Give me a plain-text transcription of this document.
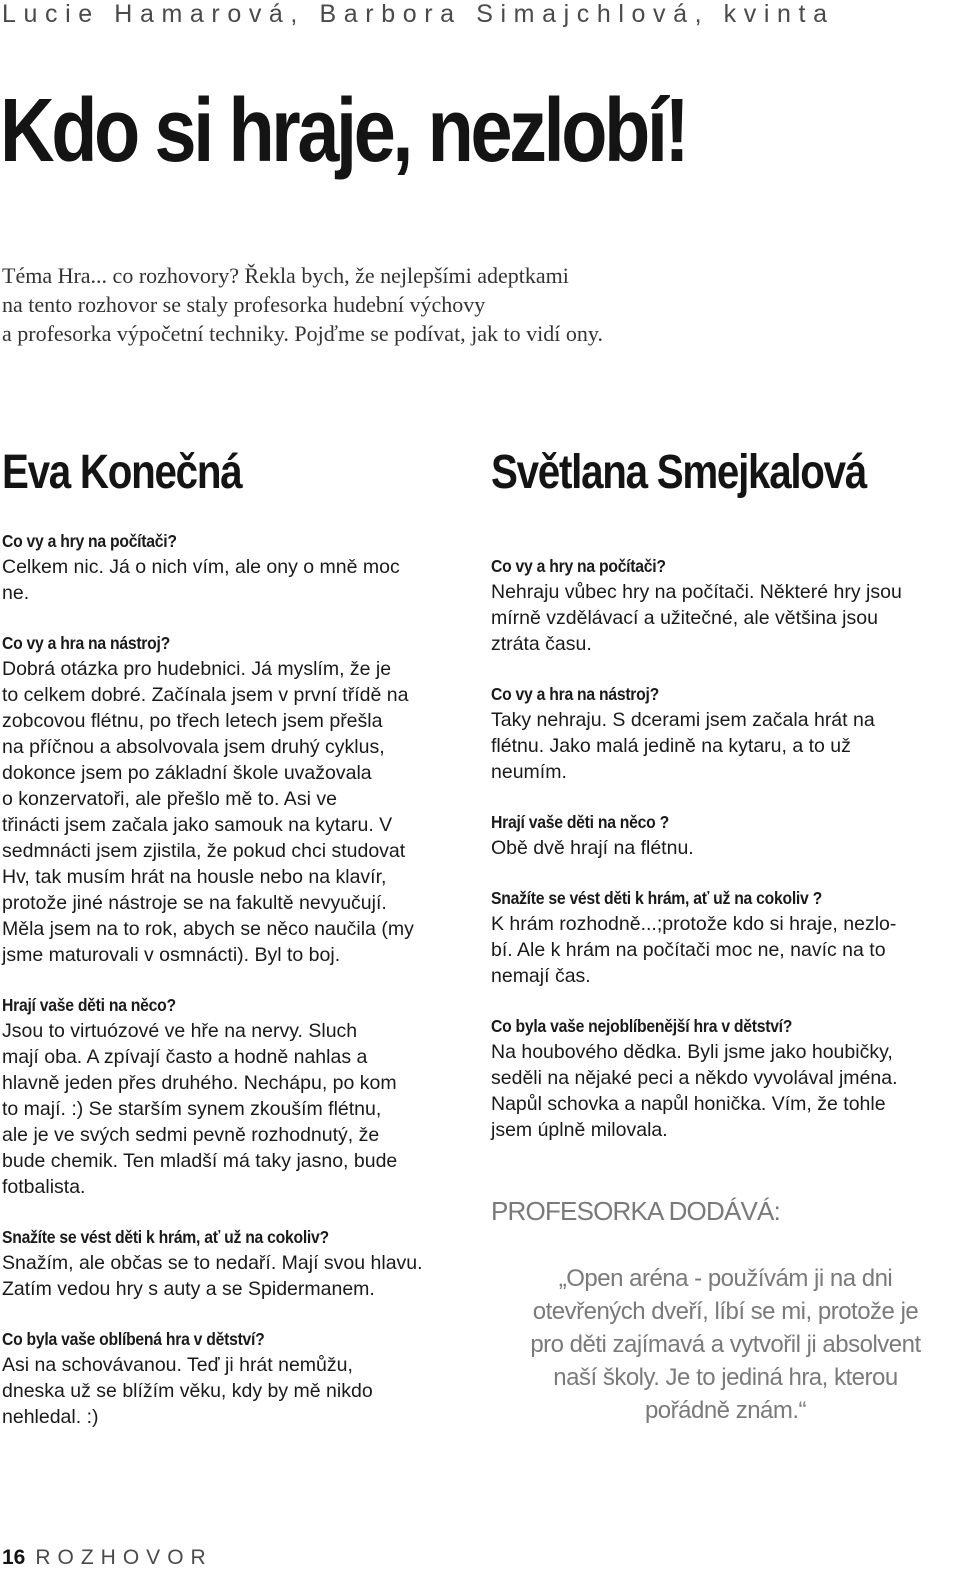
Lucie Hamarová, Barbora Simajchlová, kvinta
Kdo si hraje, nezlobí!
Téma Hra... co rozhovory? Řekla bych, že nejlepšími adeptkami
na tento rozhovor se staly profesorka hudební výchovy
a profesorka výpočetní techniky. Pojďme se podívat, jak to vidí ony.
Eva Konečná	Světlana Smejkalová
Co vy a hry na počítači?
Celkem nic. Já o nich vím, ale ony o mně moc
ne.
Co vy a hra na nástroj?
Dobrá otázka pro hudebnici. Já myslím, že je
to celkem dobré. Začínala jsem v první třídě na
zobcovou flétnu, po třech letech jsem přešla
na příčnou a absolvovala jsem druhý cyklus,
dokonce jsem po základní škole uvažovala
o konzervatoři, ale přešlo mě to. Asi ve
třinácti jsem začala jako samouk na kytaru. V
sedmnácti jsem zjistila, že pokud chci studovat
Hv, tak musím hrát na housle nebo na klavír,
protože jiné nástroje se na fakultě nevyučují.
Měla jsem na to rok, abych se něco naučila (my
jsme maturovali v osmnácti). Byl to boj.
Hrají vaše děti na něco?
Jsou to virtuózové ve hře na nervy. Sluch
mají oba. A zpívají často a hodně nahlas a
hlavně jeden přes druhého. Nechápu, po kom
to mají. :) Se starším synem zkouším flétnu,
ale je ve svých sedmi pevně rozhodnutý, že
bude chemik. Ten mladší má taky jasno, bude
fotbalista.
Snažíte se vést děti k hrám, ať už na cokoliv?
Snažím, ale občas se to nedaří. Mají svou hlavu.
Zatím vedou hry s auty a se Spidermanem.
Co byla vaše oblíbená hra v dětství?
Asi na schovávanou. Teď ji hrát nemůžu,
dneska už se blížím věku, kdy by mě nikdo
nehledal. :)
Co vy a hry na počítači?
Nehraju vůbec hry na počítači. Některé hry jsou
mírně vzdělávací a užitečné, ale většina jsou
ztráta času.
Co vy a hra na nástroj?
Taky nehraju. S dcerami jsem začala hrát na
flétnu. Jako malá jedině na kytaru, a to už
neumím.
Hrají vaše děti na něco ?
Obě dvě hrají na flétnu.
Snažíte se vést děti k hrám, ať už na cokoliv ?
K hrám rozhodně...;protože kdo si hraje, nezlo-
bí. Ale k hrám na počítači moc ne, navíc na to
nemají čas.
Co byla vaše nejoblíbenější hra v dětství?
Na houbového dědka. Byli jsme jako houbičky,
seděli na nějaké peci a někdo vyvolával jména.
Napůl schovka a napůl honička. Vím, že tohle
jsem úplně milovala.
PROFESORKA DODÁVÁ:
„Open aréna - používám ji na dni
otevřených dveří, líbí se mi, protože je
pro děti zajímavá a vytvořil ji absolvent
naší školy. Je to jediná hra, kterou
pořádně znám.“
16 ROZHOVOR
